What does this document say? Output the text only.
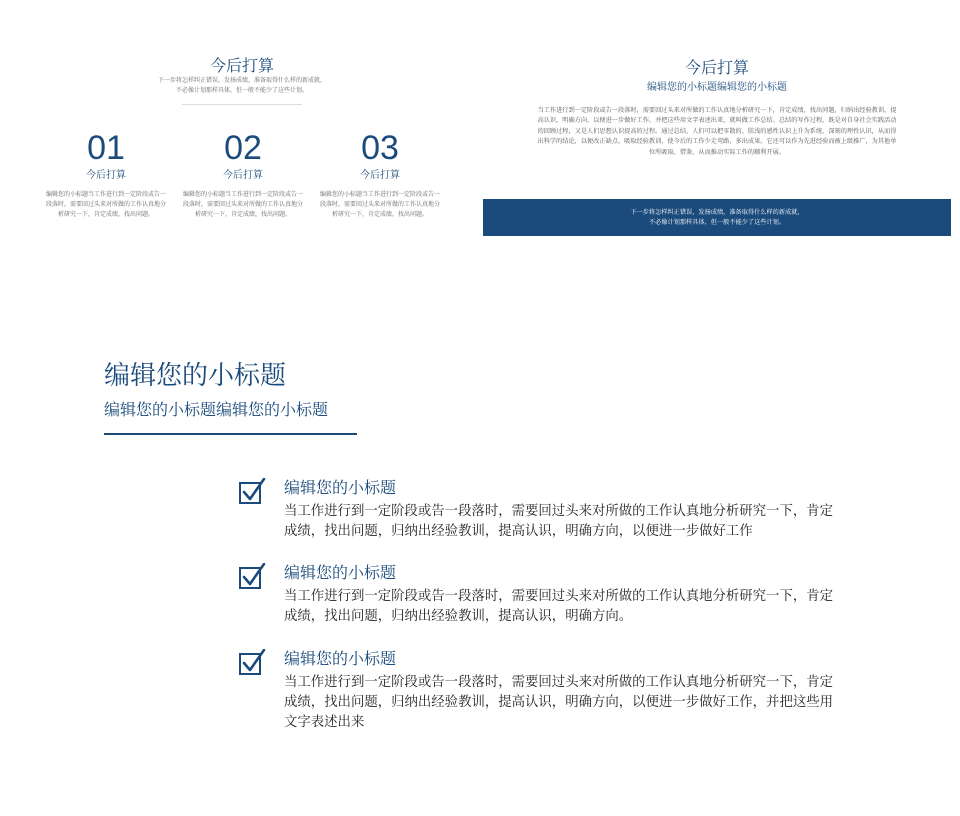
今后打算
下一步将怎样纠正错误，发扬成绩，准备取得什么样的新成就，
不必像计划那样具体，但一般不能少了这些计划。
01
今后打算
编辑您的小标题当工作进行到一定阶段或告一段落时，需要回过头来对所做的工作认真地分析研究一下，肯定成绩，找出问题。
02
今后打算
编辑您的小标题当工作进行到一定阶段或告一段落时，需要回过头来对所做的工作认真地分析研究一下，肯定成绩，找出问题。
03
今后打算
编辑您的小标题当工作进行到一定阶段或告一段落时，需要回过头来对所做的工作认真地分析研究一下，肯定成绩，找出问题。
今后打算
编辑您的小标题编辑您的小标题
当工作进行到一定阶段或告一段落时，需要回过头来对所做的工作认真地分析研究一下，肯定成绩，找出问题，归纳出经验教训，提高认识，明确方向，以便进一步做好工作，并把这些用文字表述出来，就叫做工作总结。总结的写作过程，既是对自身社会实践活动的回顾过程，又是人们思想认识提高的过程。通过总结，人们可以把零散的、肤浅的感性认识上升为系统、深刻的理性认识，从而得出科学的结论，以便改正缺点，吸取经验教训，使今后的工作少走弯路，多出成果。它还可以作为先进经验而被上级推广，为其他单位所吸取、借鉴，从而推动实际工作的顺利开展。
下一步将怎样纠正错误，发扬成绩，准备取得什么样的新成就，
不必像计划那样具体，但一般不能少了这些计划。
编辑您的小标题
编辑您的小标题编辑您的小标题
编辑您的小标题
当工作进行到一定阶段或告一段落时，需要回过头来对所做的工作认真地分析研究一下，肯定成绩，找出问题，归纳出经验教训，提高认识，明确方向，以便进一步做好工作
编辑您的小标题
当工作进行到一定阶段或告一段落时，需要回过头来对所做的工作认真地分析研究一下，肯定成绩，找出问题，归纳出经验教训，提高认识，明确方向。
编辑您的小标题
当工作进行到一定阶段或告一段落时，需要回过头来对所做的工作认真地分析研究一下，肯定成绩，找出问题，归纳出经验教训，提高认识，明确方向，以便进一步做好工作，并把这些用文字表述出来
